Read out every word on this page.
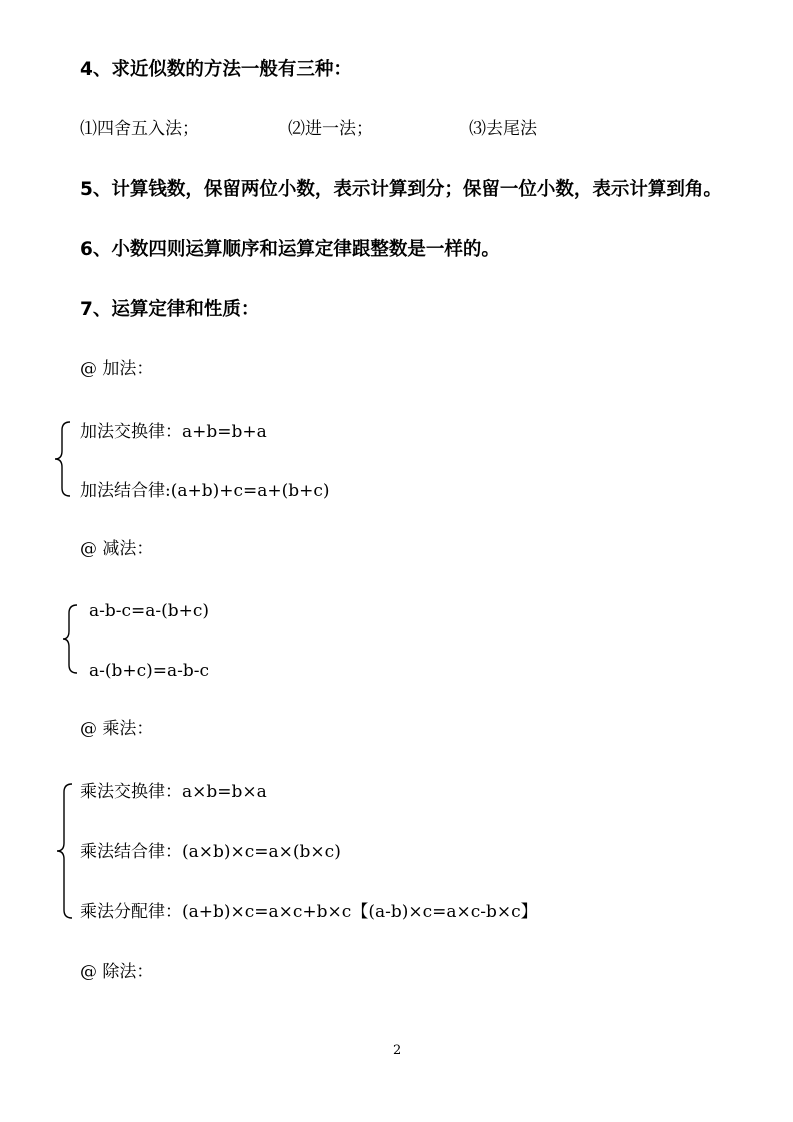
4、求近似数的方法一般有三种：
⑴四舍五入法；	⑵进一法；	⑶去尾法
5、计算钱数，保留两位小数，表示计算到分；保留一位小数，表示计算到角。
6、小数四则运算顺序和运算定律跟整数是一样的。
7、运算定律和性质：
@ 加法：
加法交换律：a+b=b+a
加法结合律:(a+b)+c=a+(b+c)
@ 减法：
a-b-c=a-(b+c)
a-(b+c)=a-b-c
@ 乘法：
乘法交换律：a×b=b×a
乘法结合律：(a×b)×c=a×(b×c)
乘法分配律：(a+b)×c=a×c+b×c【(a-b)×c=a×c-b×c】
@ 除法：
2
